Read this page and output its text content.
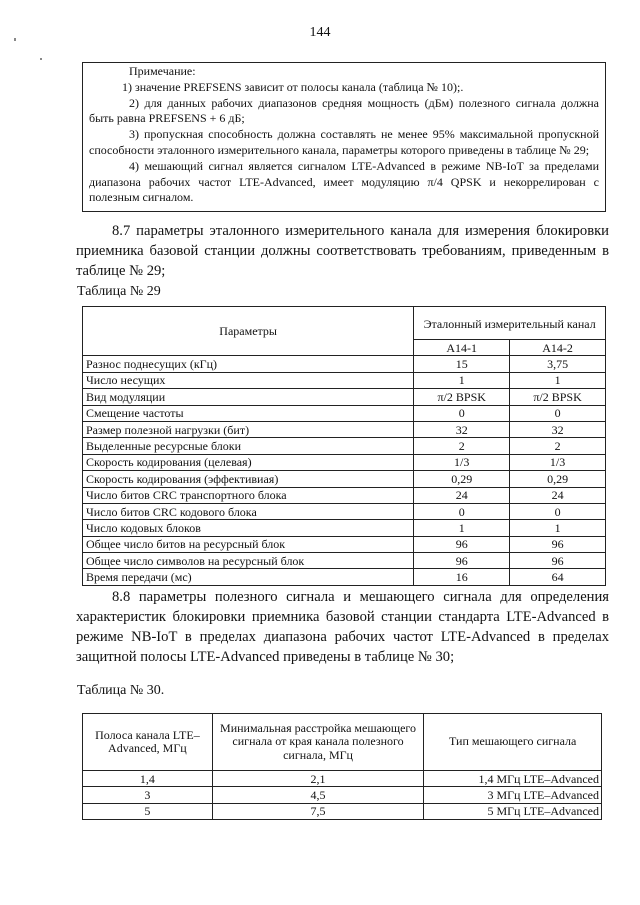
144
Примечание:
1) значение PREFSENS зависит от полосы канала (таблица № 10);.
2) для данных рабочих диапазонов средняя мощность (дБм) полезного сигнала должна быть равна PREFSENS + 6 дБ;
3) пропускная способность должна составлять не менее 95% максимальной пропускной способности эталонного измерительного канала, параметры которого приведены в таблице № 29;
4) мешающий сигнал является сигналом LTE-Advanced в режиме NB-IoT за пределами диапазона рабочих частот LTE-Advanced, имеет модуляцию π/4 QPSK и некоррелирован с полезным сигналом.
8.7 параметры эталонного измерительного канала для измерения блокировки приемника базовой станции должны соответствовать требованиям, приведенным в таблице № 29;
Таблица № 29
Параметры	Эталонный измерительный канал	
	А14-1	А14-2
Разнос поднесущих (кГц)	15	3,75
Число несущих	1	1
Вид модуляции	π/2 BPSK	π/2 BPSK
Смещение частоты	0	0
Размер полезной нагрузки (бит)	32	32
Выделенные ресурсные блоки	2	2
Скорость кодирования (целевая)	1/3	1/3
Скорость кодирования (эффективиая)	0,29	0,29
Число битов CRC транспортного блока	24	24
Число битов CRC кодового блока	0	0
Число кодовых блоков	1	1
Общее число битов на ресурсный блок	96	96
Общее число символов на ресурсный блок	96	96
Время передачи (мс)	16	64
8.8 параметры полезного сигнала и мешающего сигнала для определения характеристик блокировки приемника базовой станции стандарта LTE-Advanced в режиме NB-IoT в пределах диапазона рабочих частот LTE-Advanced в пределах защитной полосы LTE-Advanced приведены в таблице № 30;
Таблица № 30.
Полоса канала LTE–Advanced, МГц	Минимальная расстройка мешающего сигнала от края канала полезного сигнала, МГц	Тип мешающего сигнала
1,4	2,1	1,4 МГц LTE–Advanced
3	4,5	3 МГц LTE–Advanced
5	7,5	5 МГц LTE–Advanced
